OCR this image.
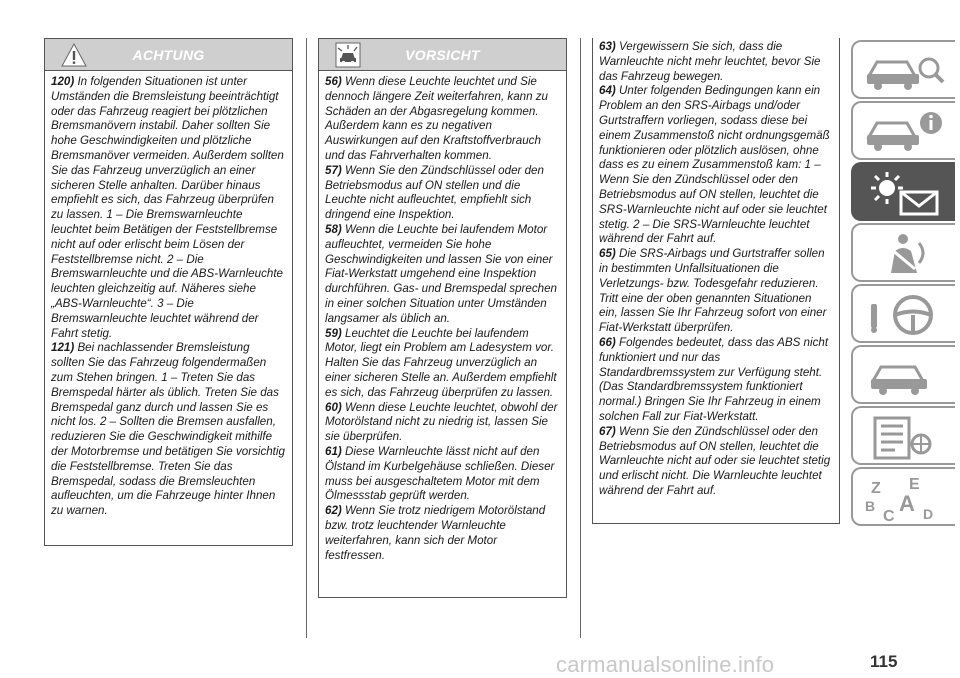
ACHTUNG

120) In folgenden Situationen ist unter Umständen die Bremsleistung beeinträchtigt oder das Fahrzeug reagiert bei plötzlichen Bremsmanövern instabil. Daher sollten Sie hohe Geschwindigkeiten und plötzliche Bremsmanöver vermeiden. Außerdem sollten Sie das Fahrzeug unverzüglich an einer sicheren Stelle anhalten. Darüber hinaus empfiehlt es sich, das Fahrzeug überprüfen zu lassen. 1 – Die Bremswarnleuchte leuchtet beim Betätigen der Feststellbremse nicht auf oder erlischt beim Lösen der Feststellbremse nicht. 2 – Die Bremswarnleuchte und die ABS-Warnleuchte leuchten gleichzeitig auf. Näheres siehe „ABS-Warnleuchte“. 3 – Die Bremswarnleuchte leuchtet während der Fahrt stetig.

121) Bei nachlassender Bremsleistung sollten Sie das Fahrzeug folgendermaßen zum Stehen bringen. 1 – Treten Sie das Bremspedal härter als üblich. Treten Sie das Bremspedal ganz durch und lassen Sie es nicht los. 2 – Sollten die Bremsen ausfallen, reduzieren Sie die Geschwindigkeit mithilfe der Motorbremse und betätigen Sie vorsichtig die Feststellbremse. Treten Sie das Bremspedal, sodass die Bremsleuchten aufleuchten, um die Fahrzeuge hinter Ihnen zu warnen.

VORSICHT

56) Wenn diese Leuchte leuchtet und Sie dennoch längere Zeit weiterfahren, kann zu Schäden an der Abgasregelung kommen. Außerdem kann es zu negativen Auswirkungen auf den Kraftstoffverbrauch und das Fahrverhalten kommen.

57) Wenn Sie den Zündschlüssel oder den Betriebsmodus auf ON stellen und die Leuchte nicht aufleuchtet, empfiehlt sich dringend eine Inspektion.

58) Wenn die Leuchte bei laufendem Motor aufleuchtet, vermeiden Sie hohe Geschwindigkeiten und lassen Sie von einer Fiat-Werkstatt umgehend eine Inspektion durchführen. Gas- und Bremspedal sprechen in einer solchen Situation unter Umständen langsamer als üblich an.

59) Leuchtet die Leuchte bei laufendem Motor, liegt ein Problem am Ladesystem vor. Halten Sie das Fahrzeug unverzüglich an einer sicheren Stelle an. Außerdem empfiehlt es sich, das Fahrzeug überprüfen zu lassen.

60) Wenn diese Leuchte leuchtet, obwohl der Motorölstand nicht zu niedrig ist, lassen Sie sie überprüfen.

61) Diese Warnleuchte lässt nicht auf den Ölstand im Kurbelgehäuse schließen. Dieser muss bei ausgeschaltetem Motor mit dem Ölmessstab geprüft werden.

62) Wenn Sie trotz niedrigem Motorölstand bzw. trotz leuchtender Warnleuchte weiterfahren, kann sich der Motor festfressen.

63) Vergewissern Sie sich, dass die Warnleuchte nicht mehr leuchtet, bevor Sie das Fahrzeug bewegen.

64) Unter folgenden Bedingungen kann ein Problem an den SRS-Airbags und/oder Gurtstraffern vorliegen, sodass diese bei einem Zusammenstoß nicht ordnungsgemäß funktionieren oder plötzlich auslösen, ohne dass es zu einem Zusammenstoß kam: 1 – Wenn Sie den Zündschlüssel oder den Betriebsmodus auf ON stellen, leuchtet die SRS-Warnleuchte nicht auf oder sie leuchtet stetig. 2 – Die SRS-Warnleuchte leuchtet während der Fahrt auf.

65) Die SRS-Airbags und Gurtstraffer sollen in bestimmten Unfallsituationen die Verletzungs- bzw. Todesgefahr reduzieren. Tritt eine der oben genannten Situationen ein, lassen Sie Ihr Fahrzeug sofort von einer Fiat-Werkstatt überprüfen.

66) Folgendes bedeutet, dass das ABS nicht funktioniert und nur das Standardbremssystem zur Verfügung steht. (Das Standardbremssystem funktioniert normal.) Bringen Sie Ihr Fahrzeug in einem solchen Fall zur Fiat-Werkstatt.

67) Wenn Sie den Zündschlüssel oder den Betriebsmodus auf ON stellen, leuchtet die Warnleuchte nicht auf oder sie leuchtet stetig und erlischt nicht. Die Warnleuchte leuchtet während der Fahrt auf.	Z E
B A
C D
carmanualsonline.info	115
